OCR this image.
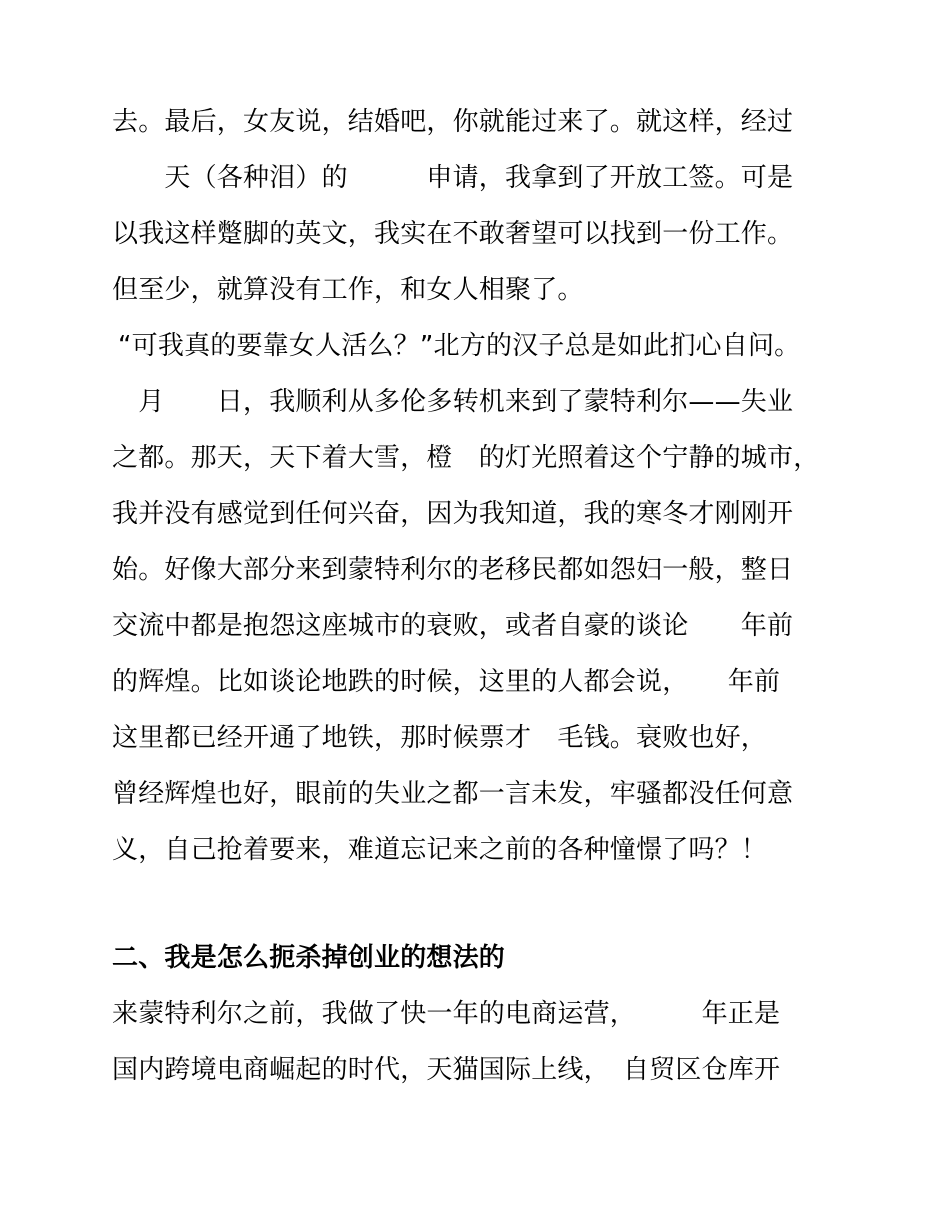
去。最后，女友说，结婚吧，你就能过来了。就这样，经过
　　天（各种泪）的　　　申请，我拿到了开放工签。可是
以我这样蹩脚的英文，我实在不敢奢望可以找到一份工作。
但至少，就算没有工作，和女人相聚了。
“可我真的要靠女人活么？”北方的汉子总是如此扪心自问。
　月　　日，我顺利从多伦多转机来到了蒙特利尔——失业
之都。那天，天下着大雪，橙　的灯光照着这个宁静的城市，
我并没有感觉到任何兴奋，因为我知道，我的寒冬才刚刚开
始。好像大部分来到蒙特利尔的老移民都如怨妇一般，整日
交流中都是抱怨这座城市的衰败，或者自豪的谈论　　年前
的辉煌。比如谈论地跌的时候，这里的人都会说，　　年前
这里都已经开通了地铁，那时候票才　毛钱。衰败也好，
曾经辉煌也好，眼前的失业之都一言未发，牢骚都没任何意
义，自己抢着要来，难道忘记来之前的各种憧憬了吗？！
二、我是怎么扼杀掉创业的想法的
来蒙特利尔之前，我做了快一年的电商运营，　　　年正是
国内跨境电商崛起的时代，天猫国际上线，　自贸区仓库开
